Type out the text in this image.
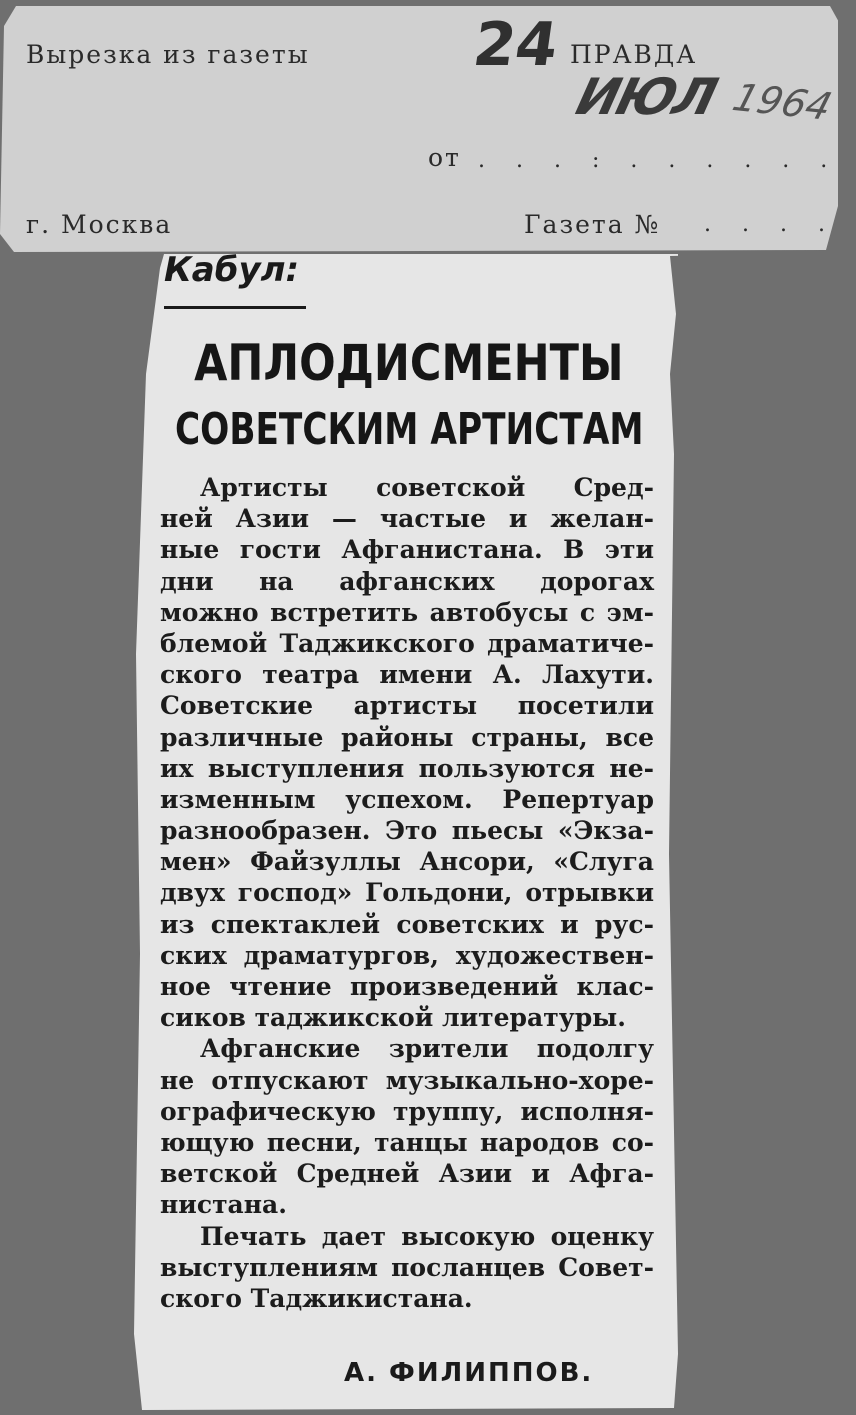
Вырезка из газеты	ПРАВДА
от . . . : . . . . . .
г. Москва	Газета № . . . .
24
ИЮЛ 1964
Кабул:
АПЛОДИСМЕНТЫ
СОВЕТСКИМ АРТИСТАМ
Артисты советской Сред-
ней Азии — частые и желан-
ные гости Афганистана. В эти
дни на афганских дорогах
можно встретить автобусы с эм-
блемой Таджикского драматиче-
ского театра имени А. Лахути.
Советские артисты посетили
различные районы страны, все
их выступления пользуются не-
изменным успехом. Репертуар
разнообразен. Это пьесы «Экза-
мен» Файзуллы Ансори, «Слуга
двух господ» Гольдони, отрывки
из спектаклей советских и рус-
ских драматургов, художествен-
ное чтение произведений клас-
сиков таджикской литературы.
Афганские зрители подолгу
не отпускают музыкально-хоре-
ографическую труппу, исполня-
ющую песни, танцы народов со-
ветской Средней Азии и Афга-
нистана.
Печать дает высокую оценку
выступлениям посланцев Совет-
ского Таджикистана.
А. ФИЛИППОВ.
